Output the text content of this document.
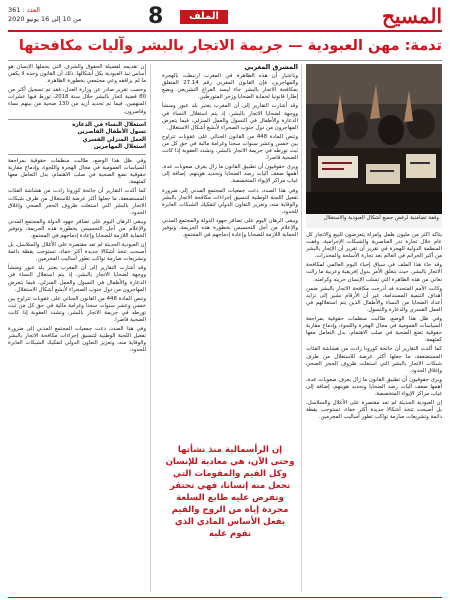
المسيح
8	الملف
العدد : 361
من 10 إلى 16 يونيو 2020
تدمة: مهن العبودية — جريمة الاتجار بالبشر وآليات مكافحتها
وقفة تضامنية لرفض جميع أشكال العبودية والاستغلال

يتأكد أكثر من مليون طفل وامرأة يتعرضون للبيع والاتجار كل عام خلال تجارة تدر العناصرية والشبكات الإجرامية، وقفت المنظمة الدولية للهجرة في تقرير أن تقرير أن الإتجار بالبشر من أكبر الجرائم في العالم بعد تجارة الأسلحة والمخدرات.

وقد جاء هذا الملف في سياق إحياء اليوم العالمي لمكافحة الاتجار بالبشر، حيث يتعلق الأمر بدول إفريقية وعربية ما زالت تعاني من هذه الظاهرة التي تسلب الإنسان حريته وكرامته.

وكانت الأمم المتحدة قد أدرجت مكافحة الاتجار بالبشر ضمن أهداف التنمية المستدامة، غير أن الأرقام تشير إلى تزايد أعداد الضحايا من النساء والأطفال الذين يتم استغلالهم في العمل القسري والدعارة والتسول.

وفي ظل هذا الوضع، طالبت منظمات حقوقية بمراجعة السياسات العمومية في مجال الهجرة واللجوء، وإدماج مقاربة حقوقية تضع الضحية في صلب الاهتمام، بدل التعامل معها كمتهمة.

كما أكدت التقارير أن جائحة كورونا زادت من هشاشة الفئات المستضعفة، ما جعلها أكثر عرضة للاستغلال من طرف شبكات الاتجار بالبشر التي استغلت ظروف الحجر الصحي وإغلاق الحدود.

ويرى حقوقيون أن تطبيق القانون ما زال يعرف صعوبات عدة، أهمها ضعف آليات رصد الضحايا وتحديد هويتهم، إضافة إلى غياب مراكز الإيواء المتخصصة.

إن العبودية الحديثة لم تعد مقتصرة على الأغلال والسلاسل، بل أصبحت تتخذ أشكالا جديدة أكثر خفاء، تستوجب يقظة دائمة وتشريعات صارمة تواكب تطور أساليب المجرمين.

المشرق المغربي

وباعتبار أن هذه الظاهرة في المغرب ارتبطت بالهجرة والمهاجرين، فإن القانون المغربي رقم 27.14 المتعلق بمكافحة الاتجار بالبشر جاء ليسد الفراغ التشريعي ويضع إطارا قانونيا لحماية الضحايا وزجر المتورطين.

وقد أشارت التقارير إلى أن المغرب يعتبر بلد عبور ومنشأ ووجهة لضحايا الاتجار بالبشر، إذ يتم استغلال النساء في الدعارة والأطفال في التسول والعمل المنزلي، فيما يتعرض المهاجرون من دول جنوب الصحراء لأبشع أشكال الاستغلال.

وتنص المادة 448 من القانون الجنائي على عقوبات تتراوح بين خمس وعشر سنوات سجنا وغرامة مالية في حق كل من ثبت تورطه في جريمة الاتجار بالبشر، وتشدد العقوبة إذا كانت الضحية قاصرا.

ويرى حقوقيون أن تطبيق القانون ما زال يعرف صعوبات عدة، أهمها ضعف آليات رصد الضحايا وتحديد هويتهم، إضافة إلى غياب مراكز الإيواء المتخصصة.

وفي هذا الصدد، دعت جمعيات المجتمع المدني إلى ضرورة تفعيل اللجنة الوطنية لتنسيق إجراءات مكافحة الاتجار بالبشر والوقاية منه، وتعزيز التعاون الدولي لتفكيك الشبكات العابرة للحدود.

ويبقى الرهان اليوم على تضافر جهود الدولة والمجتمع المدني والإعلام من أجل التحسيس بخطورة هذه الجريمة، وتوفير الحماية اللازمة للضحايا وإعادة إدماجهم في المجتمع.

إن الرأسمالية منذ نشأتها وحتى الآن، هي معادية للإنسان وكل القيم والمقومات التي تجعل منه إنسانا، فهي تحتقر وتفرض عليه طابع السلعة مجردة إياه من الروح والقيم بفعل الأساس المادي الذي تقوم عليه

إن تقديمه لفضيلة الحقوق والشرف التي يحملها الإنسان هو أساس نبذ العبودية بكل أشكالها، ذلك أن القانون وحده لا يكفي ما لم يرافقه وعي مجتمعي بخطورة الظاهرة.

وحسب تقرير صادر عن وزارة العدل، فقد تم تسجيل أكثر من 80 قضية اتجار بالبشر خلال سنة 2018، تورط فيها عشرات المتهمين، فيما تم تحديد أزيد من 130 ضحية من بينهم نساء وقاصرون.

استغلال النساء في الدعارة
تسول الأطفال القاصرين
العمل المنزلي القسري
استغلال المهاجرين

وفي ظل هذا الوضع، طالبت منظمات حقوقية بمراجعة السياسات العمومية في مجال الهجرة واللجوء، وإدماج مقاربة حقوقية تضع الضحية في صلب الاهتمام، بدل التعامل معها كمتهمة.

كما أكدت التقارير أن جائحة كورونا زادت من هشاشة الفئات المستضعفة، ما جعلها أكثر عرضة للاستغلال من طرف شبكات الاتجار بالبشر التي استغلت ظروف الحجر الصحي وإغلاق الحدود.

ويبقى الرهان اليوم على تضافر جهود الدولة والمجتمع المدني والإعلام من أجل التحسيس بخطورة هذه الجريمة، وتوفير الحماية اللازمة للضحايا وإعادة إدماجهم في المجتمع.

إن العبودية الحديثة لم تعد مقتصرة على الأغلال والسلاسل، بل أصبحت تتخذ أشكالا جديدة أكثر خفاء، تستوجب يقظة دائمة وتشريعات صارمة تواكب تطور أساليب المجرمين.

وقد أشارت التقارير إلى أن المغرب يعتبر بلد عبور ومنشأ ووجهة لضحايا الاتجار بالبشر، إذ يتم استغلال النساء في الدعارة والأطفال في التسول والعمل المنزلي، فيما يتعرض المهاجرون من دول جنوب الصحراء لأبشع أشكال الاستغلال.

وتنص المادة 448 من القانون الجنائي على عقوبات تتراوح بين خمس وعشر سنوات سجنا وغرامة مالية في حق كل من ثبت تورطه في جريمة الاتجار بالبشر، وتشدد العقوبة إذا كانت الضحية قاصرا.

وفي هذا الصدد، دعت جمعيات المجتمع المدني إلى ضرورة تفعيل اللجنة الوطنية لتنسيق إجراءات مكافحة الاتجار بالبشر والوقاية منه، وتعزيز التعاون الدولي لتفكيك الشبكات العابرة للحدود.
